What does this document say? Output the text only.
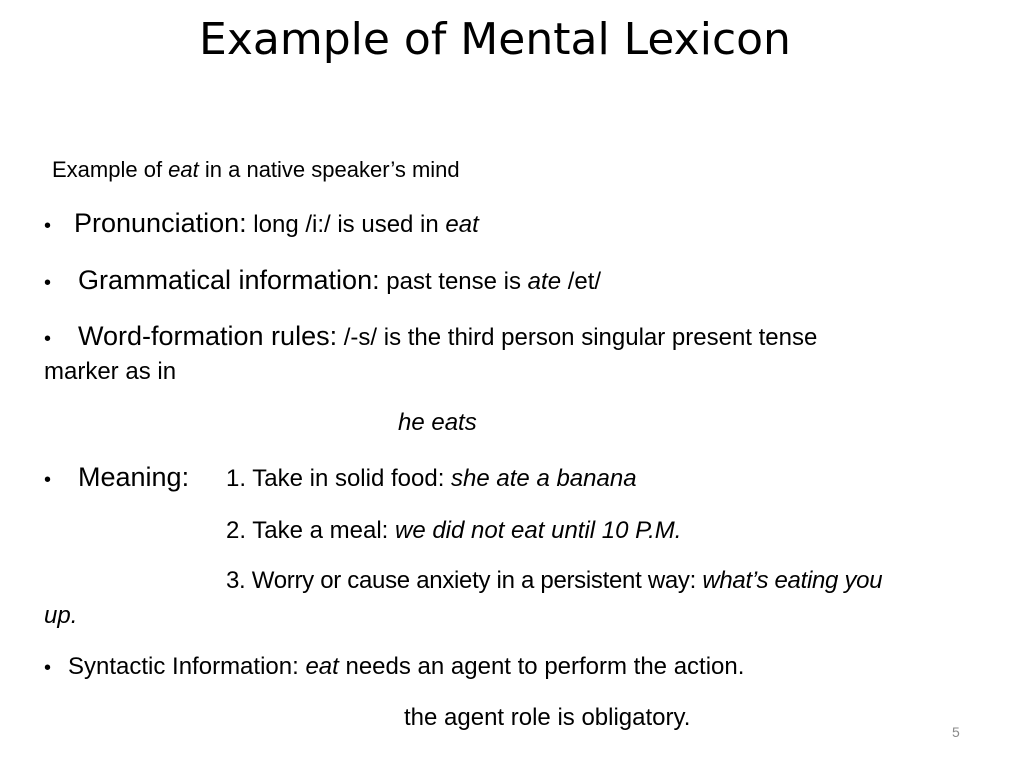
Example of Mental Lexicon
Example of eat in a native speaker’s mind
• Pronunciation: long /i:/ is used in eat
• Grammatical information: past tense is ate /et/
• Word-formation rules: /-s/ is the third person singular present tense
marker as in
he eats
• Meaning: 1. Take in solid food: she ate a banana
2. Take a meal: we did not eat until 10 P.M.
3. Worry or cause anxiety in a persistent way: what’s eating you
up.
• Syntactic Information: eat needs an agent to perform the action.
the agent role is obligatory.
5
